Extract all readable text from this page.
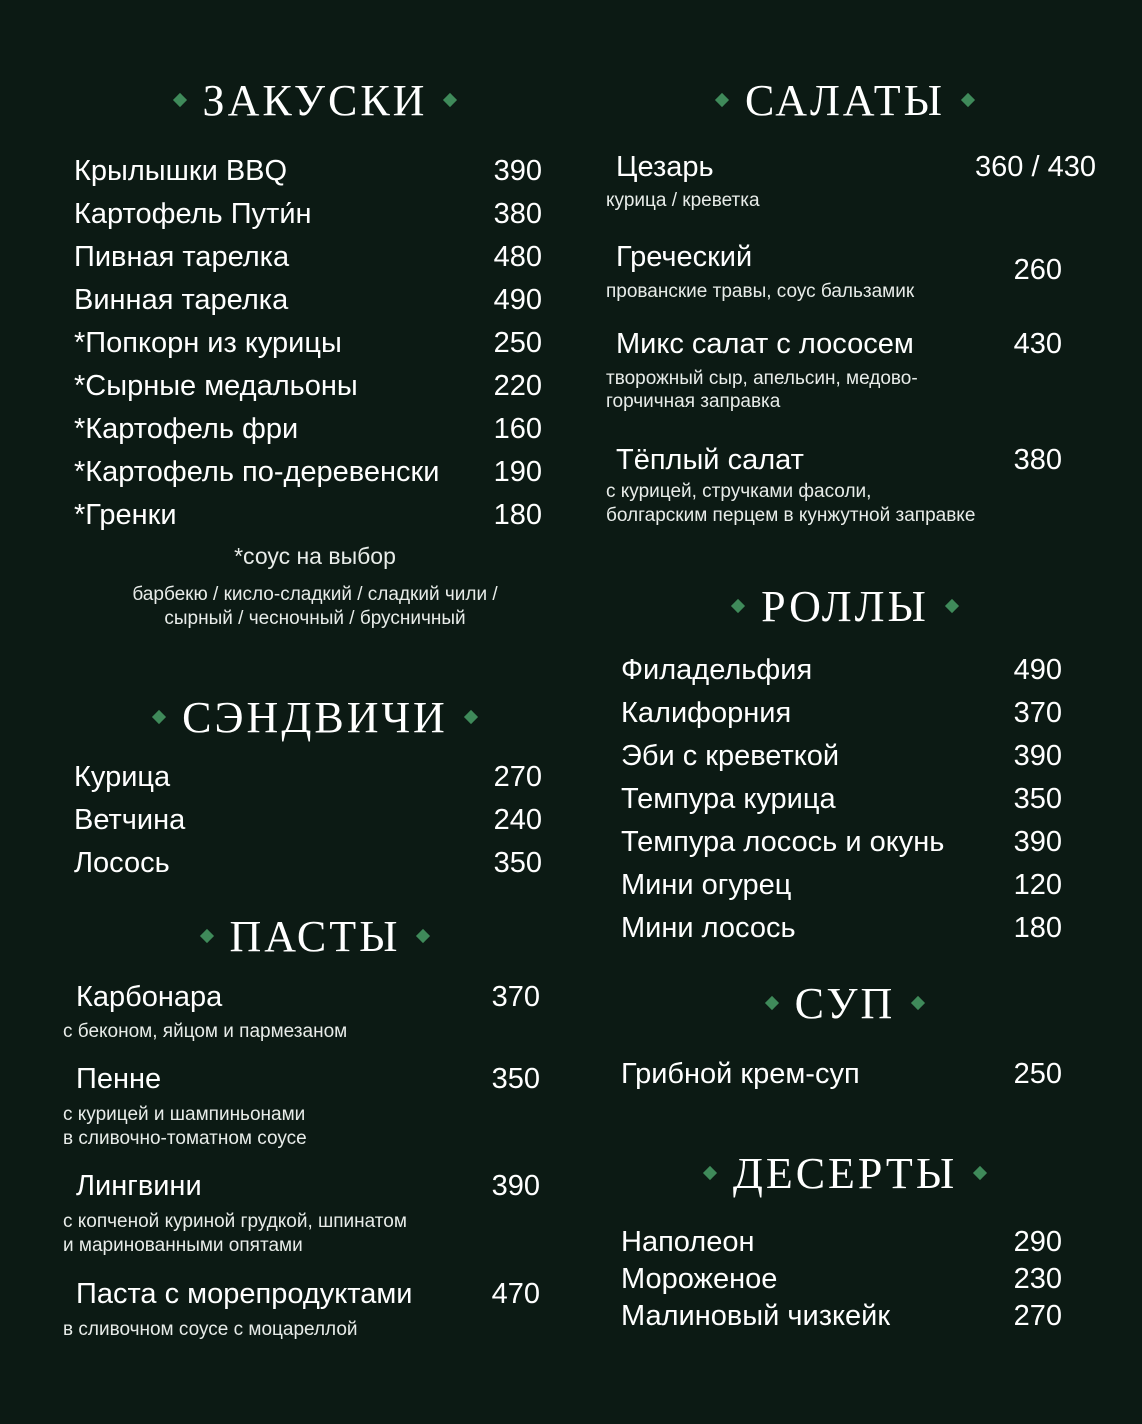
ЗАКУСКИ
Крылышки BBQ	390
Картофель Пути́н	380
Пивная тарелка	480
Винная тарелка	490
*Попкорн из курицы	250
*Сырные медальоны	220
*Картофель фри	160
*Картофель по-деревенски 190
*Гренки	180
*соус на выбор
барбекю / кисло-сладкий / сладкий чили /
сырный / чесночный / брусничный
СЭНДВИЧИ
Курица	270
Ветчина	240
Лосось	350
ПАСТЫ
Карбонара	370
с беконом, яйцом и пармезаном
Пенне	350
с курицей и шампиньонами
в сливочно-томатном соусе
Лингвини	390
с копченой куриной грудкой, шпинатом
и маринованными опятами
Паста с морепродуктами	470
в сливочном соусе с моцареллой
САЛАТЫ
Цезарь	360 / 430
курица / креветка
Греческий	260
прованские травы, соус бальзамик
Микс салат с лососем	430
творожный сыр, апельсин, медово-
горчичная заправка
Тёплый салат	380
с курицей, стручками фасоли,
болгарским перцем в кунжутной заправке
РОЛЛЫ
Филадельфия	490
Калифорния	370
Эби с креветкой	390
Темпура курица	350
Темпура лосось и окунь 390
Мини огурец	120
Мини лосось	180
СУП
Грибной крем-суп	250
ДЕСЕРТЫ
Наполеон	290
Мороженое	230
Малиновый чизкейк	270
